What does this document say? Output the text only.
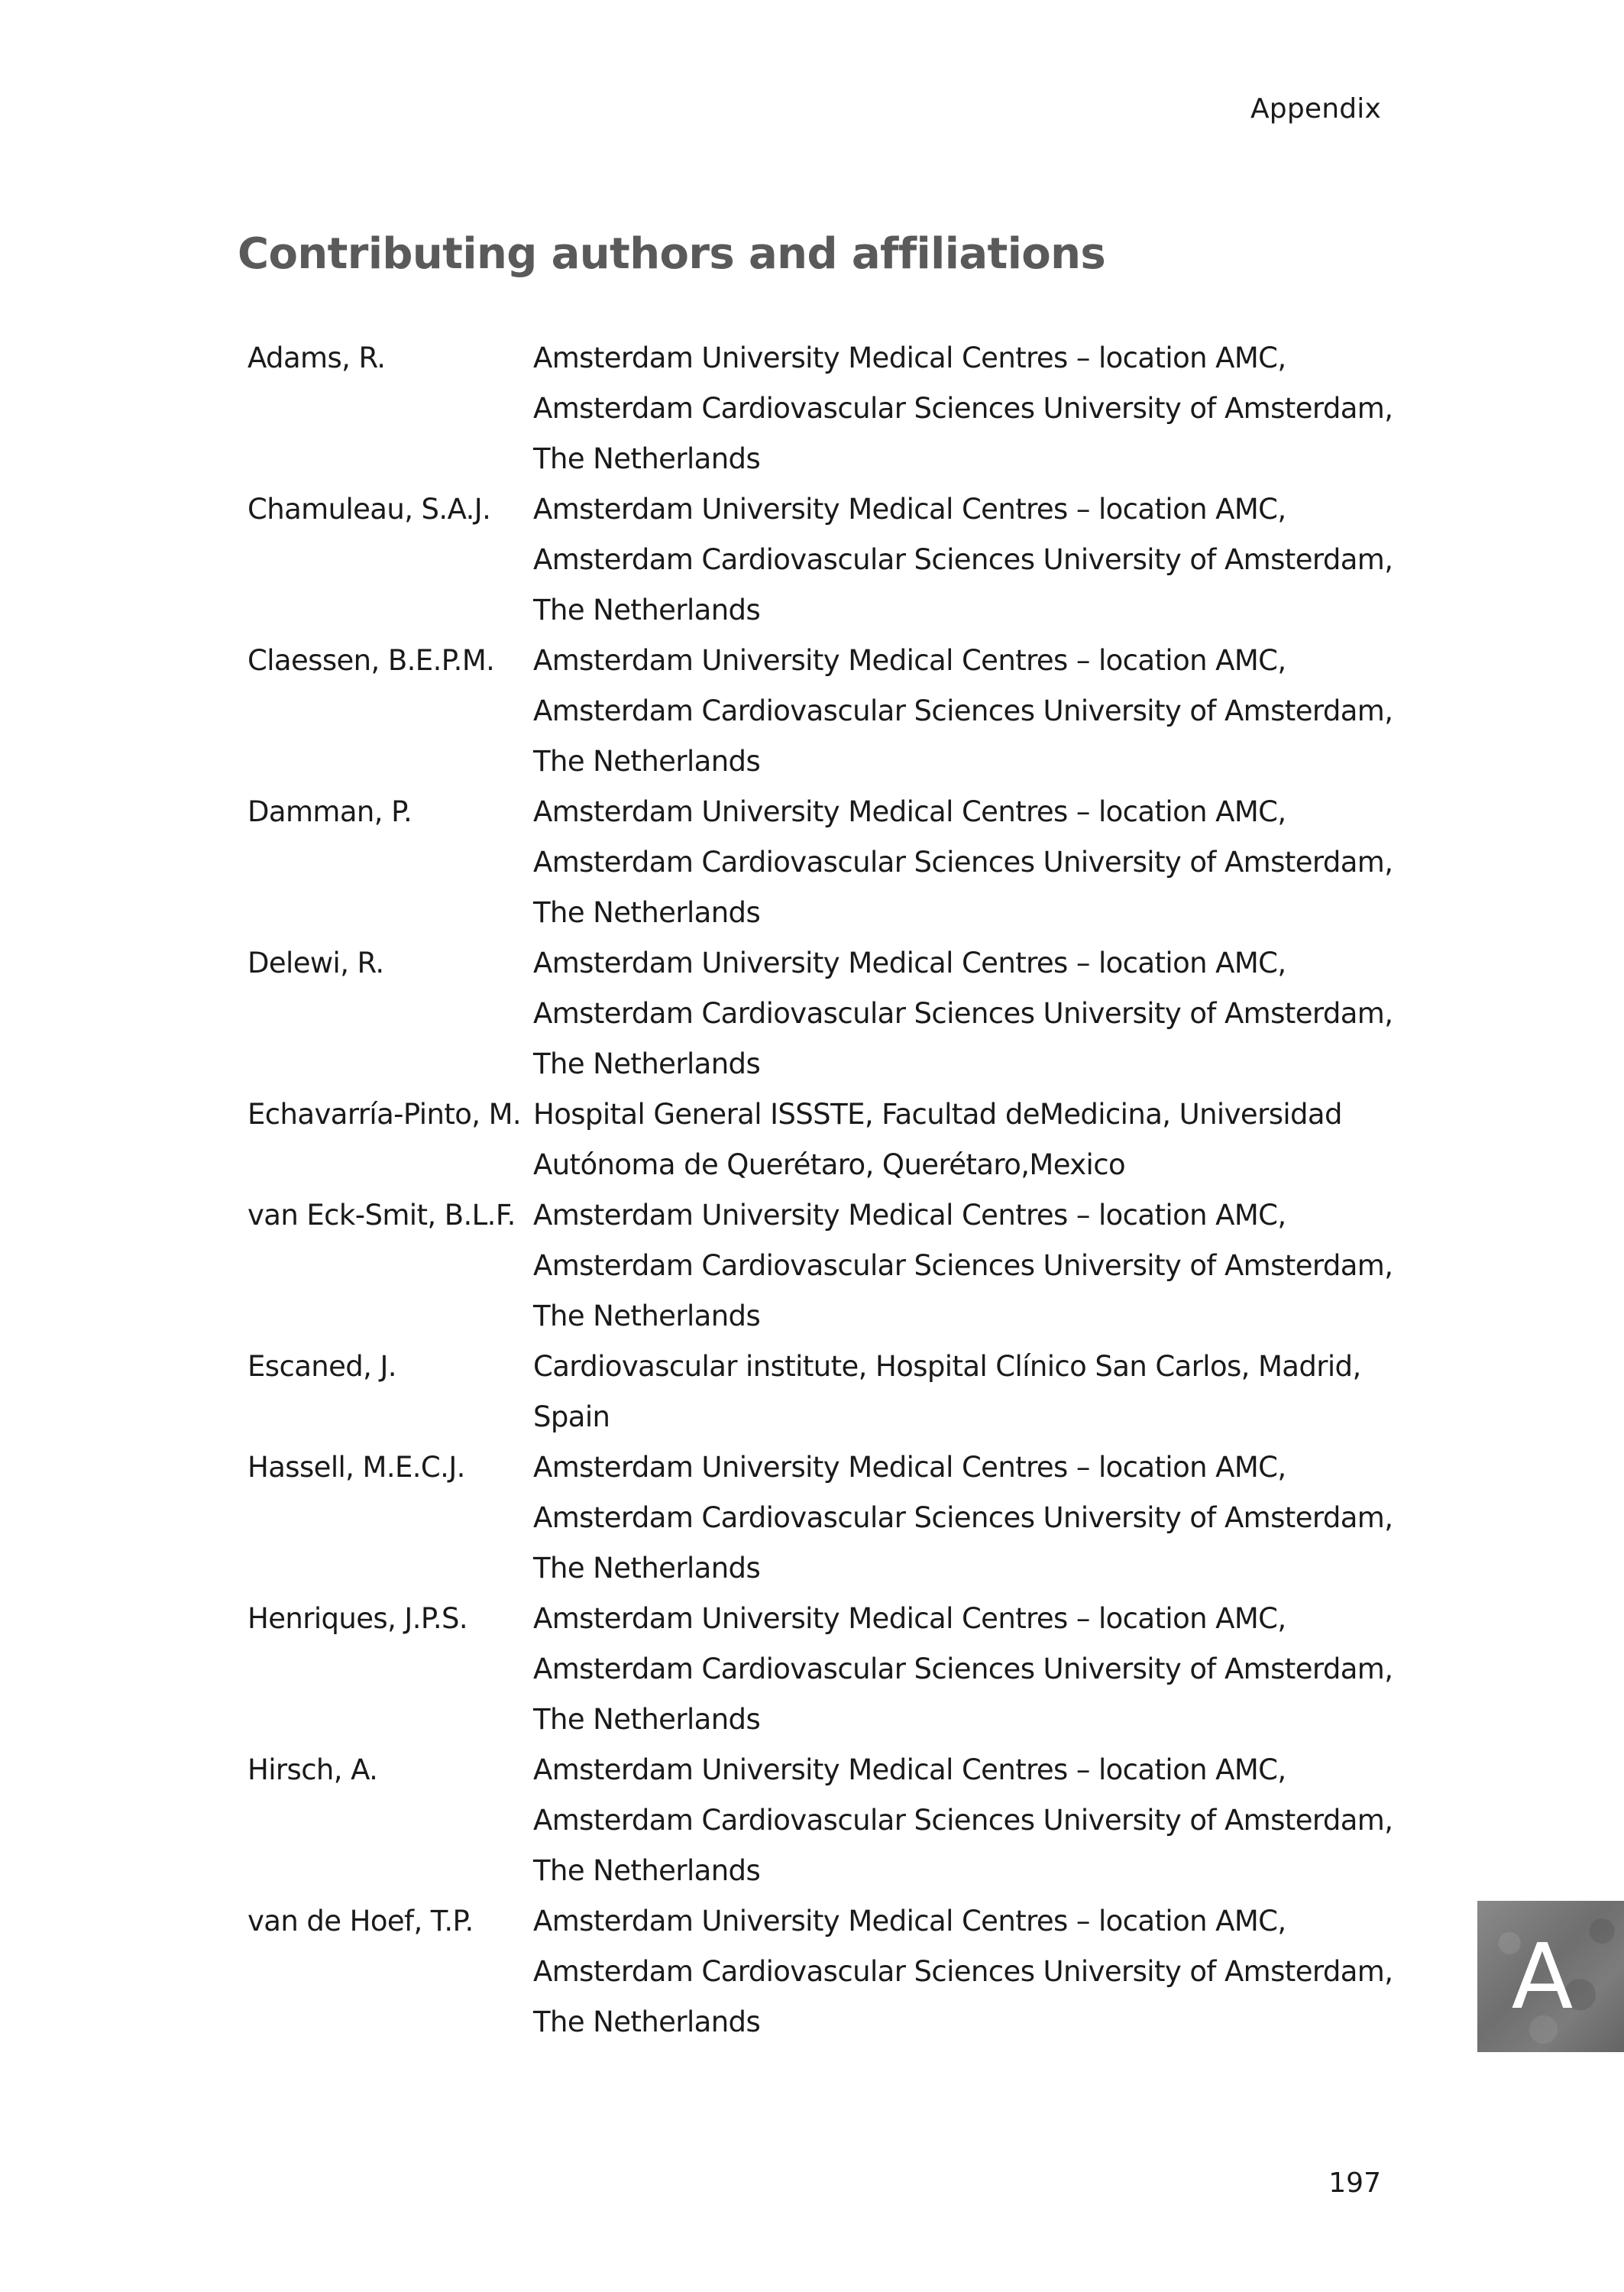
Appendix
Contributing authors and affiliations
Adams, R.	Amsterdam University Medical Centres – location AMC,
Amsterdam Cardiovascular Sciences University of Amsterdam,
The Netherlands
Chamuleau, S.A.J.	Amsterdam University Medical Centres – location AMC,
Amsterdam Cardiovascular Sciences University of Amsterdam,
The Netherlands
Claessen, B.E.P.M.	Amsterdam University Medical Centres – location AMC,
Amsterdam Cardiovascular Sciences University of Amsterdam,
The Netherlands
Damman, P.	Amsterdam University Medical Centres – location AMC,
Amsterdam Cardiovascular Sciences University of Amsterdam,
The Netherlands
Delewi, R.	Amsterdam University Medical Centres – location AMC,
Amsterdam Cardiovascular Sciences University of Amsterdam,
The Netherlands
Echavarría-Pinto, M. Hospital General ISSSTE, Facultad deMedicina, Universidad
Autónoma de Querétaro, Querétaro,Mexico
van Eck-Smit, B.L.F. Amsterdam University Medical Centres – location AMC,
Amsterdam Cardiovascular Sciences University of Amsterdam,
The Netherlands
Escaned, J.	Cardiovascular institute, Hospital Clínico San Carlos, Madrid,
Spain
Hassell, M.E.C.J.	Amsterdam University Medical Centres – location AMC,
Amsterdam Cardiovascular Sciences University of Amsterdam,
The Netherlands
Henriques, J.P.S.	Amsterdam University Medical Centres – location AMC,
Amsterdam Cardiovascular Sciences University of Amsterdam,
The Netherlands
Hirsch, A.	Amsterdam University Medical Centres – location AMC,
Amsterdam Cardiovascular Sciences University of Amsterdam,
The Netherlands
van de Hoef, T.P.	Amsterdam University Medical Centres – location AMC,
Amsterdam Cardiovascular Sciences University of Amsterdam,
The Netherlands	A
197
